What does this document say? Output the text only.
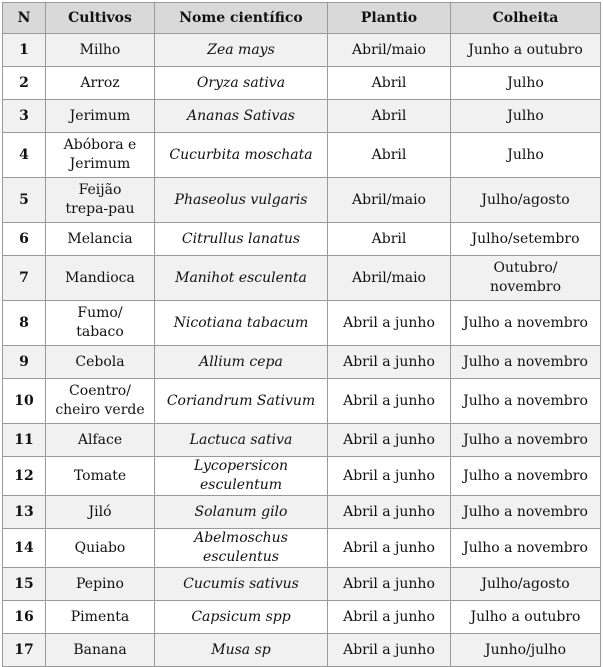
N	Cultivos	Nome científico	Plantio	Colheita
1	Milho	Zea mays	Abril/maio	Junho a outubro
2	Arroz	Oryza sativa	Abril	Julho
3	Jerimum	Ananas Sativas	Abril	Julho
4	Abóbora e
Jerimum	Cucurbita moschata	Abril	Julho
5	Feijão
trepa-pau	Phaseolus vulgaris	Abril/maio	Julho/agosto
6	Melancia	Citrullus lanatus	Abril	Julho/setembro
7	Mandioca	Manihot esculenta	Abril/maio	Outubro/
novembro
8	Fumo/
tabaco	Nicotiana tabacum	Abril a junho	Julho a novembro
9	Cebola	Allium cepa	Abril a junho	Julho a novembro
10	Coentro/
cheiro verde	Coriandrum Sativum	Abril a junho	Julho a novembro
11	Alface	Lactuca sativa	Abril a junho	Julho a novembro
12	Tomate	Lycopersicon esculentum	Abril a junho	Julho a novembro
13	Jiló	Solanum gilo	Abril a junho	Julho a novembro
14	Quiabo	Abelmoschus esculentus	Abril a junho	Julho a novembro
15	Pepino	Cucumis sativus	Abril a junho	Julho/agosto
16	Pimenta	Capsicum spp	Abril a junho	Julho a outubro
17	Banana	Musa sp	Abril a junho	Junho/julho
